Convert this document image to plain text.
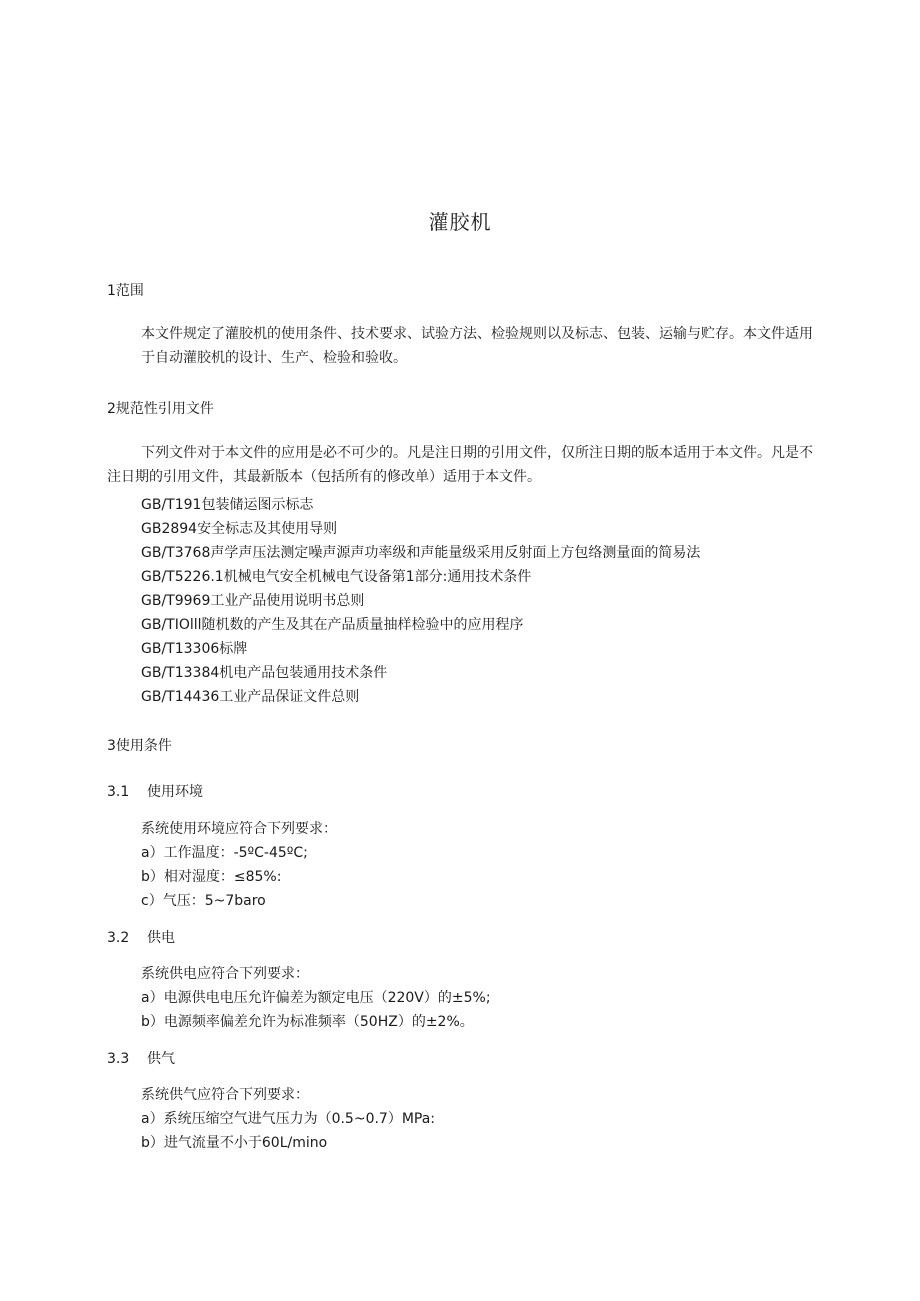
灌胶机
1范围

本文件规定了灌胶机的使用条件、技术要求、试验方法、检验规则以及标志、包装、运输与贮存。本文件适用于自动灌胶机的设计、生产、检验和验收。

2规范性引用文件

下列文件对于本文件的应用是必不可少的。凡是注日期的引用文件，仅所注日期的版本适用于本文件。凡是不注日期的引用文件，其最新版本（包括所有的修改单）适用于本文件。

GB/T191包装储运图示标志
GB2894安全标志及其使用导则
GB/T3768声学声压法测定噪声源声功率级和声能量级采用反射面上方包络测量面的简易法
GB/T5226.1机械电气安全机械电气设备第1部分:通用技术条件
GB/T9969工业产品使用说明书总则
GB/TIOlll随机数的产生及其在产品质量抽样检验中的应用程序
GB/T13306标牌
GB/T13384机电产品包装通用技术条件
GB/T14436工业产品保证文件总则
3使用条件
3.1 使用环境
系统使用环境应符合下列要求：
a）工作温度：-5ºC-45ºC;
b）相对湿度：≤85%:
c）气压：5~7baro
3.2 供电
系统供电应符合下列要求：
a）电源供电电压允许偏差为额定电压（220V）的±5%;
b）电源频率偏差允许为标准频率（50HZ）的±2%。
3.3 供气
系统供气应符合下列要求：
a）系统压缩空气进气压力为（0.5~0.7）MPa:
b）进气流量不小于60L/mino
